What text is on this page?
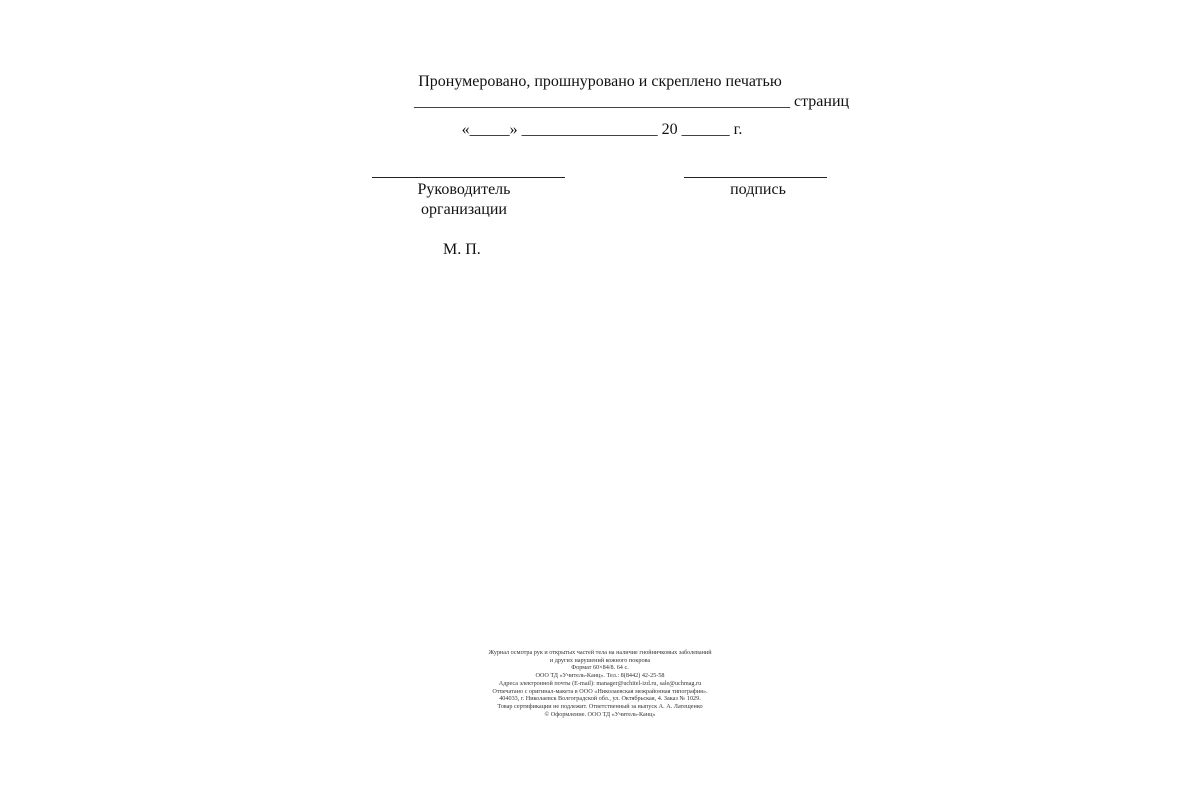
Пронумеровано, прошнуровано и скреплено печатью
_______________________________________________ страниц
«_____» _________________ 20 ______ г.
Руководитель организации
подпись
М. П.
Журнал осмотра рук и открытых частей тела на наличие гнойничковых заболеваний
и других нарушений кожного покрова
Формат 60×84/8. 64 с.
ООО ТД «Учитель-Канц». Тел.: 8(8442) 42-25-58
Адреса электронной почты (E-mail): manager@uchitel-izd.ru, sale@uchmag.ru
Отпечатано с оригинал-макета в ООО «Николаевская межрайонная типография».
404033, г. Николаевск Волгоградской обл., ул. Октябрьская, 4. Заказ № 1029.
Товар сертификации не подлежит. Ответственный за выпуск А. А. Латещенко
© Оформление. ООО ТД «Учитель-Канц»
